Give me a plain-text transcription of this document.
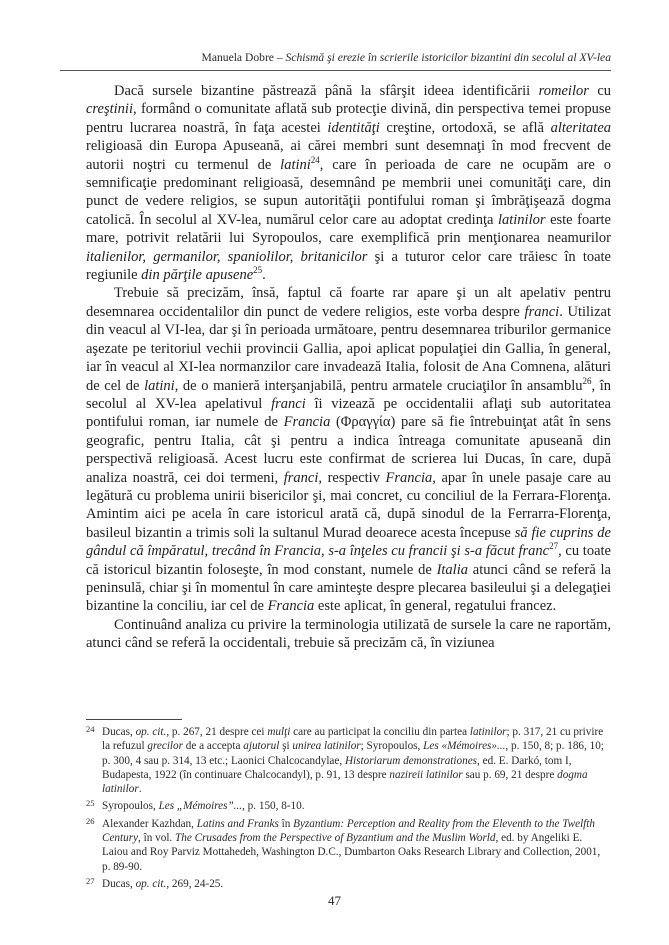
Manuela Dobre – Schismă şi erezie în scrierile istoricilor bizantini din secolul al XV-lea

Dacă sursele bizantine păstrează până la sfârşit ideea identificării romeilor cu creştinii, formând o comunitate aflată sub protecţie divină, din perspectiva temei propuse pentru lucrarea noastră, în faţa acestei identităţi creştine, ortodoxă, se află alteritatea religioasă din Europa Apuseană, ai cărei membri sunt desemnaţi în mod frecvent de autorii noştri cu termenul de latini$^{24}$, care în perioada de care ne ocupăm are o semnificaţie predominant religioasă, desemnând pe membrii unei comunităţi care, din punct de vedere religios, se supun autorităţii pontifului roman şi îmbrăţişează dogma catolică. În secolul al XV-lea, numărul celor care au adoptat credinţa latinilor este foarte mare, potrivit relatării lui Syropoulos, care exemplifică prin menţionarea neamurilor italienilor, germanilor, spaniolilor, britanicilor şi a tuturor celor care trăiesc în toate regiunile din părţile apusene$^{25}$.

Trebuie să precizăm, însă, faptul că foarte rar apare şi un alt apelativ pentru desemnarea occidentalilor din punct de vedere religios, este vorba despre franci. Utilizat din veacul al VI-lea, dar şi în perioada următoare, pentru desemnarea triburilor germanice aşezate pe teritoriul vechii provincii Gallia, apoi aplicat populaţiei din Gallia, în general, iar în veacul al XI-lea normanzilor care invadează Italia, folosit de Ana Comnena, alături de cel de latini, de o manieră interşanjabilă, pentru armatele cruciaţilor în ansamblu$^{26}$, în secolul al XV-lea apelativul franci îi vizează pe occidentalii aflaţi sub autoritatea pontifului roman, iar numele de Francia (Φραγγία) pare să fie întrebuinţat atât în sens geografic, pentru Italia, cât şi pentru a indica întreaga comunitate apuseană din perspectivă religioasă. Acest lucru este confirmat de scrierea lui Ducas, în care, după analiza noastră, cei doi termeni, franci, respectiv Francia, apar în unele pasaje care au legătură cu problema unirii bisericilor şi, mai concret, cu conciliul de la Ferrara-Florenţa. Amintim aici pe acela în care istoricul arată că, după sinodul de la Ferrarra-Florenţa, basileul bizantin a trimis soli la sultanul Murad deoarece acesta începuse să fie cuprins de gândul că împăratul, trecând în Francia, s-a înţeles cu francii şi s-a făcut franc$^{27}$, cu toate că istoricul bizantin foloseşte, în mod constant, numele de Italia atunci când se referă la peninsulă, chiar şi în momentul în care aminteşte despre plecarea basileului şi a delegaţiei bizantine la conciliu, iar cel de Francia este aplicat, în general, regatului francez.

Continuând analiza cu privire la terminologia utilizată de sursele la care ne raportăm, atunci când se referă la occidentali, trebuie să precizăm că, în viziunea

24 Ducas, op. cit., p. 267, 21 despre cei mulţi care au participat la conciliu din partea latinilor; p. 317, 21 cu privire la refuzul grecilor de a accepta ajutorul şi unirea latinilor; Syropoulos, Les «Mémoires»..., p. 150, 8; p. 186, 10; p. 300, 4 sau p. 314, 13 etc.; Laonici Chalcocandylae, Historiarum demonstrationes, ed. E. Darkó, tom I, Budapesta, 1922 (în continuare Chalcocandyl), p. 91, 13 despre nazireii latinilor sau p. 69, 21 despre dogma latinilor.

25 Syropoulos, Les „Mémoires”..., p. 150, 8-10.

26 Alexander Kazhdan, Latins and Franks în Byzantium: Perception and Reality from the Eleventh to the Twelfth Century, în vol. The Crusades from the Perspective of Byzantium and the Muslim World, ed. by Angeliki E. Laiou and Roy Parviz Mottahedeh, Washington D.C., Dumbarton Oaks Research Library and Collection, 2001, p. 89-90.

27 Ducas, op. cit., 269, 24-25.

47
